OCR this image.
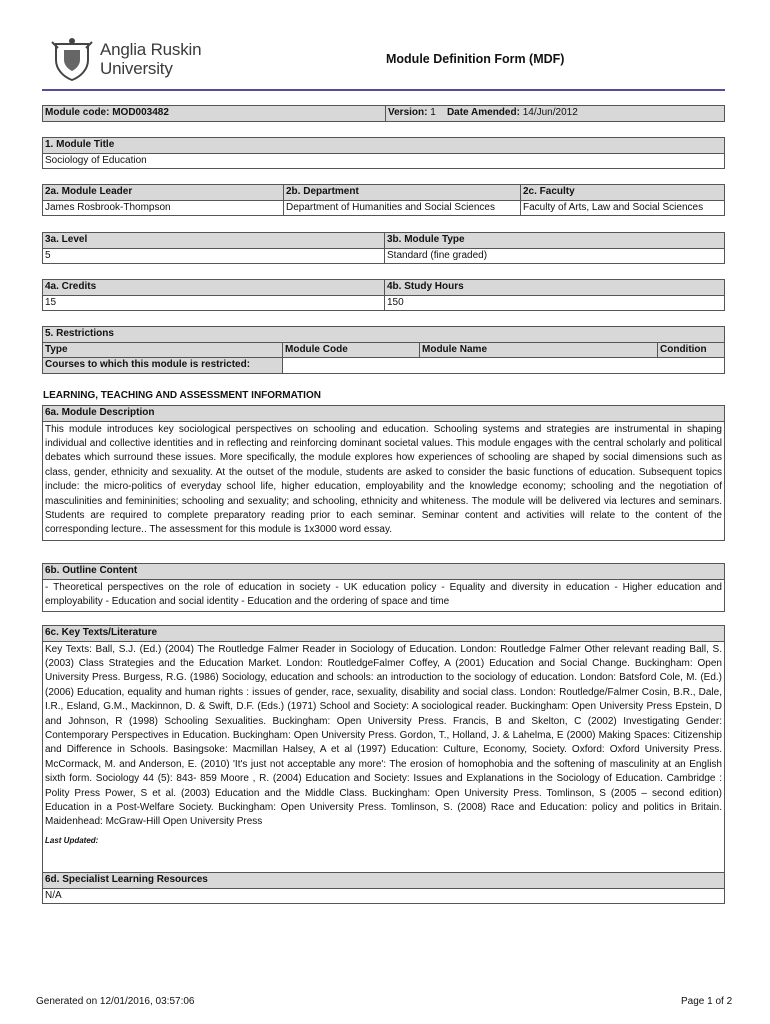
Anglia Ruskin
University	Module Definition Form (MDF)
Module code: MOD003482	Version: 1 Date Amended: 14/Jun/2012
1. Module Title
Sociology of Education
2a. Module Leader	2b. Department	2c. Faculty
James Rosbrook-Thompson	Department of Humanities and Social Sciences	Faculty of Arts, Law and Social Sciences
3a. Level	3b. Module Type
5	Standard (fine graded)
4a. Credits	4b. Study Hours
15	150
5. Restrictions
Type	Module Code	Module Name	Condition
Courses to which this module is restricted:

LEARNING, TEACHING AND ASSESSMENT INFORMATION
6a. Module Description
This module introduces key sociological perspectives on schooling and education. Schooling systems and strategies are instrumental in shaping individual and collective identities and in reflecting and reinforcing dominant societal values. This module engages with the central scholarly and political debates which surround these issues. More specifically, the module explores how experiences of schooling are shaped by social dimensions such as class, gender, ethnicity and sexuality. At the outset of the module, students are asked to consider the basic functions of education. Subsequent topics include: the micro-politics of everyday school life, higher education, employability and the knowledge economy; schooling and the negotiation of masculinities and femininities; schooling and sexuality; and schooling, ethnicity and whiteness. The module will be delivered via lectures and seminars. Students are required to complete preparatory reading prior to each seminar. Seminar content and activities will relate to the content of the corresponding lecture.. The assessment for this module is 1x3000 word essay.
6b. Outline Content
- Theoretical perspectives on the role of education in society - UK education policy - Equality and diversity in education - Higher education and employability - Education and social identity - Education and the ordering of space and time
6c. Key Texts/Literature
Key Texts: Ball, S.J. (Ed.) (2004) The Routledge Falmer Reader in Sociology of Education. London: Routledge Falmer Other relevant reading Ball, S. (2003) Class Strategies and the Education Market. London: RoutledgeFalmer Coffey, A (2001) Education and Social Change. Buckingham: Open University Press. Burgess, R.G. (1986) Sociology, education and schools: an introduction to the sociology of education. London: Batsford Cole, M. (Ed.) (2006) Education, equality and human rights : issues of gender, race, sexuality, disability and social class. London: Routledge/Falmer Cosin, B.R., Dale, I.R., Esland, G.M., Mackinnon, D. & Swift, D.F. (Eds.) (1971) School and Society: A sociological reader. Buckingham: Open University Press Epstein, D and Johnson, R (1998) Schooling Sexualities. Buckingham: Open University Press. Francis, B and Skelton, C (2002) Investigating Gender: Contemporary Perspectives in Education. Buckingham: Open University Press. Gordon, T., Holland, J. & Lahelma, E (2000) Making Spaces: Citizenship and Difference in Schools. Basingsoke: Macmillan Halsey, A et al (1997) Education: Culture, Economy, Society. Oxford: Oxford University Press. McCormack, M. and Anderson, E. (2010) 'It's just not acceptable any more': The erosion of homophobia and the softening of masculinity at an English sixth form. Sociology 44 (5): 843- 859 Moore , R. (2004) Education and Society: Issues and Explanations in the Sociology of Education. Cambridge : Polity Press Power, S et al. (2003) Education and the Middle Class. Buckingham: Open University Press. Tomlinson, S (2005 – second edition) Education in a Post-Welfare Society. Buckingham: Open University Press. Tomlinson, S. (2008) Race and Education: policy and politics in Britain. Maidenhead: McGraw-Hill Open University Press
Last Updated:
6d. Specialist Learning Resources
N/A
Generated on 12/01/2016, 03:57:06	Page 1 of 2
